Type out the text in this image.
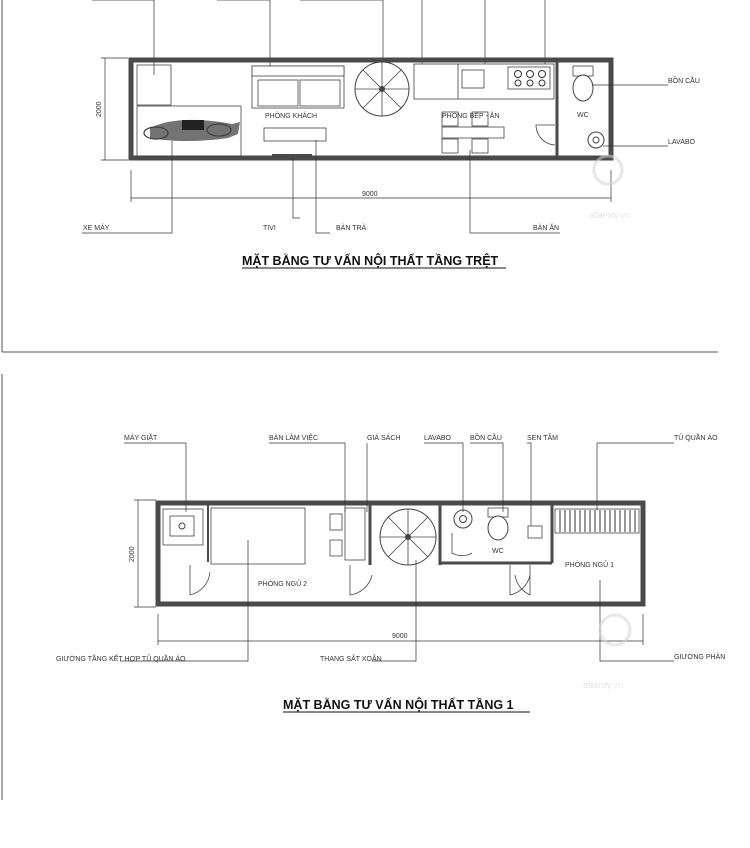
PHÒNG KHÁCH	PHÒNG BẾP - ĂN	WC
BỒN CẦU
LAVABO
XE MÁY	TIVI	BÀN TRÀ	BÀN ĂN
9000
2000
MẶT BẰNG TƯ VẤN NỘI THẤT TẦNG TRỆT
afamily.vn
PHÒNG NGỦ 2
PHÒNG NGỦ 1
WC
MÁY GIẶT	BÀN LÀM VIỆC	GIÁ SÁCH	LAVABO	BỒN CẦU	SEN TẮM	TỦ QUẦN ÁO
GIƯỜNG TẦNG KẾT HỢP TỦ QUẦN ÁO	THANG SẮT XOẮN	GIƯỜNG PHẢN
9000
2000
MẶT BẰNG TƯ VẤN NỘI THẤT TẦNG 1
afamily.vn
